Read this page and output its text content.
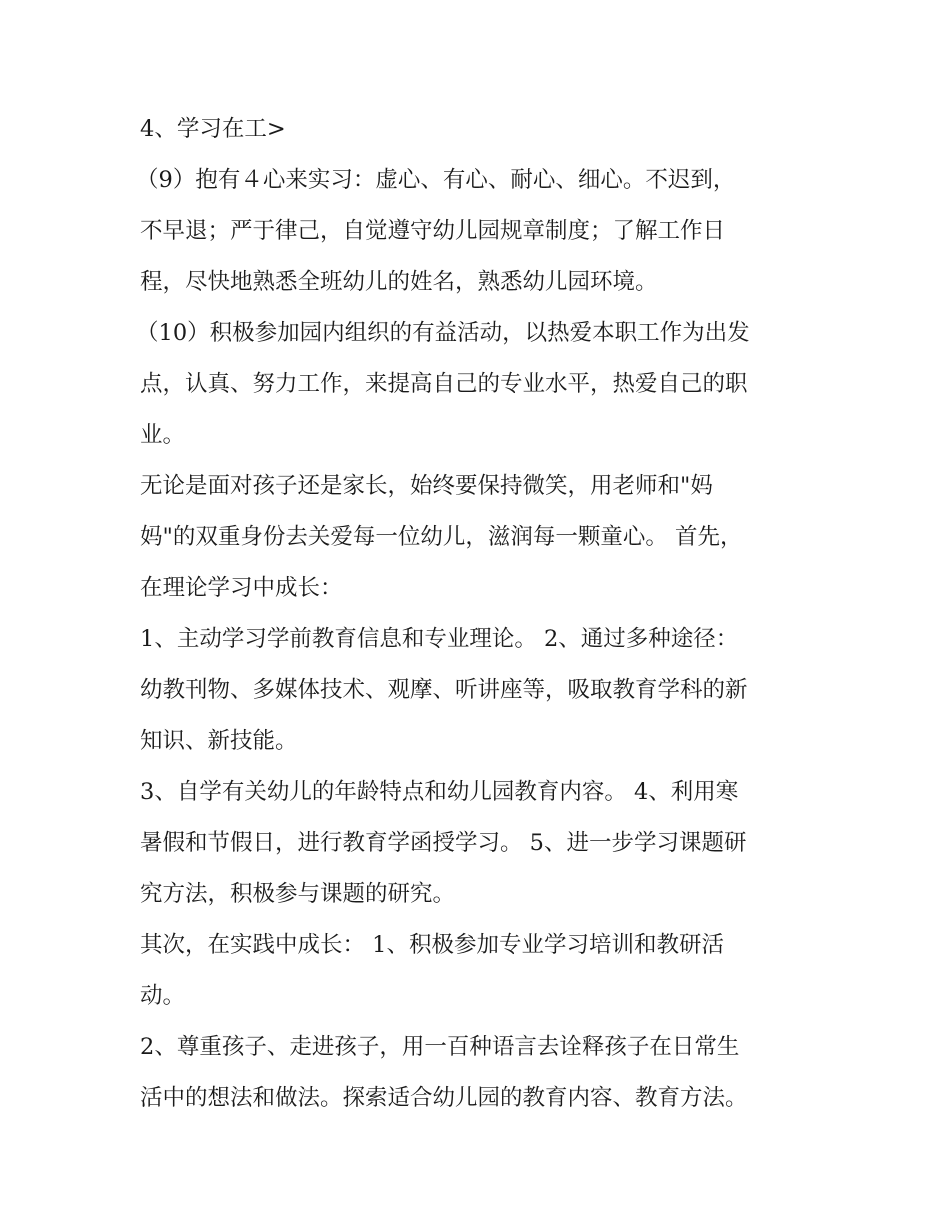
4、学习在工>

（9）抱有４心来实习：虚心、有心、耐心、细心。不迟到，

不早退；严于律己，自觉遵守幼儿园规章制度；了解工作日

程，尽快地熟悉全班幼儿的姓名，熟悉幼儿园环境。

（10）积极参加园内组织的有益活动，以热爱本职工作为出发

点，认真、努力工作，来提高自己的专业水平，热爱自己的职

业。

无论是面对孩子还是家长，始终要保持微笑，用老师和"妈

妈"的双重身份去关爱每一位幼儿，滋润每一颗童心。 首先，

在理论学习中成长：

1、主动学习学前教育信息和专业理论。 2、通过多种途径：

幼教刊物、多媒体技术、观摩、听讲座等，吸取教育学科的新

知识、新技能。

3、自学有关幼儿的年龄特点和幼儿园教育内容。 4、利用寒

暑假和节假日，进行教育学函授学习。 5、进一步学习课题研

究方法，积极参与课题的研究。

其次，在实践中成长： 1、积极参加专业学习培训和教研活

动。

2、尊重孩子、走进孩子，用一百种语言去诠释孩子在日常生

活中的想法和做法。探索适合幼儿园的教育内容、教育方法。
